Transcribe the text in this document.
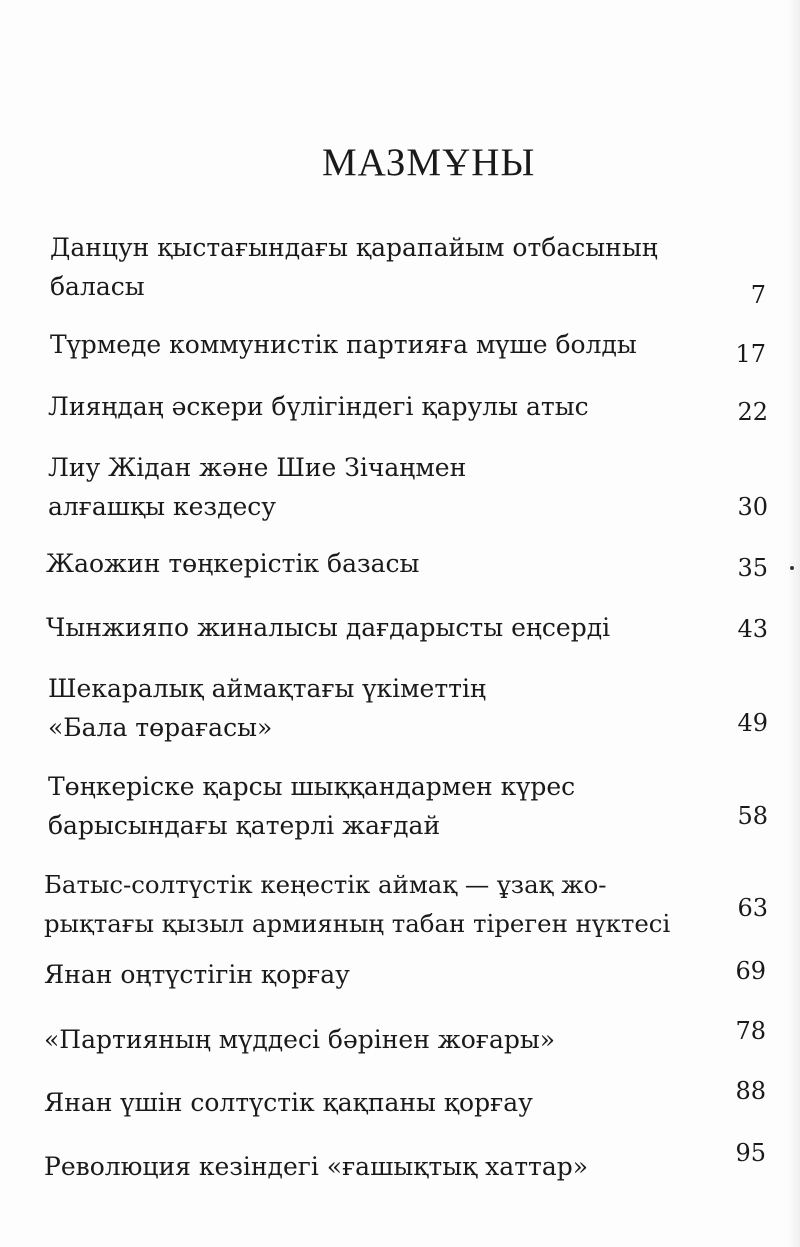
МАЗМҰНЫ
Данцун қыстағындағы қарапайым отбасының
баласы	7
Түрмеде коммунистік партияға мүше болды	17
Лияңдаң әскери бүлігіндегі қарулы атыс	22
Лиу Жідан және Шие Зічаңмен
алғашқы кездесу	30
Жаожин төңкерістік базасы	35
Чынжияпо жиналысы дағдарысты еңсерді	43
Шекаралық аймақтағы үкіметтің
«Бала төрағасы»	49
Төңкеріске қарсы шыққандармен күрес
барысындағы қатерлі жағдай	58
Батыс-солтүстік кеңестік аймақ — ұзақ жо-
рықтағы қызыл армияның табан тіреген нүктесі
63
Янан оңтүстігін қорғау	69
«Партияның мүддесі бәрінен жоғары»	78
Янан үшін солтүстік қақпаны қорғау	88
Революция кезіндегі «ғашықтық хаттар»	95
